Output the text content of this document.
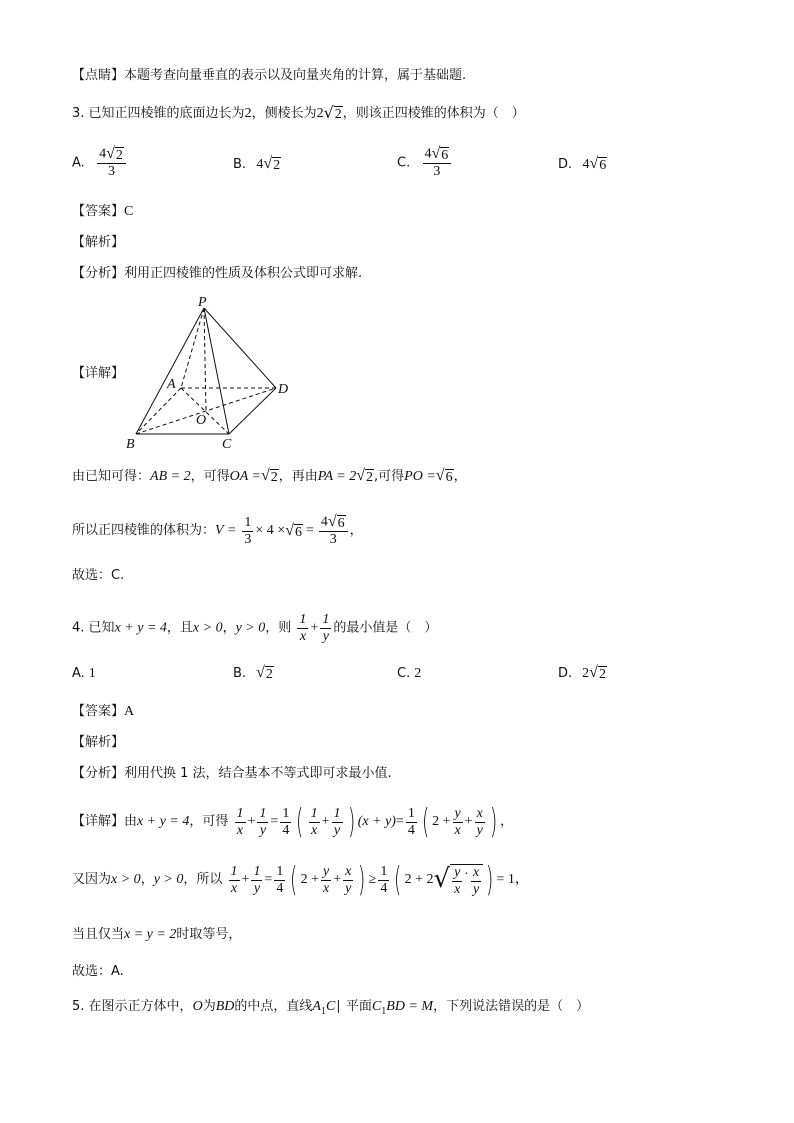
【点睛】本题考查向量垂直的表示以及向量夹角的计算，属于基础题.
3. 已知正四棱锥的底面边长为2，侧棱长为2 √ 2 ，则该正四棱锥的体积为（　）
A. $\frac{4 √ 2}{3}$	B. 4 √ 2	C. $\frac{4 √ 6}{3}$	D. 4 √ 6
【答案】C
【解析】
【分析】利用正四棱锥的性质及体积公式即可求解.
【详解】
P
A
B	C
D
O
由已知可得：AB = 2，可得OA = √ 2 ，再由PA = 2 √ 2 ,可得PO = √ 6 ，
所以正四棱锥的体积为：$V = \frac{1}{3} \times 4$ × √ $6 = \frac{4 √ 6}{3}$ ，
故选：C.
4. 已知x + y = 4，且x > 0，y > 0，则 $\frac{1}{x} + \frac{1}{y}$ 的最小值是（　）
A. 1	B. √ 2	C. 2	D. 2 √ 2
【答案】A
【解析】
【分析】利用代换 1 法，结合基本不等式即可求最小值.
【详解】由x + y = 4，可得 $\frac{1}{x} + \frac{1}{y} = \frac{1}{4}$ ( $\frac{1}{x} + \frac{1}{y}$ ) $(x + y)= \frac{1}{4}$ ( $2 + \frac{y}{x} + \frac{x}{y}$ ) ，
又因为x > 0，y > 0，所以 $\frac{1}{x} + \frac{1}{y} = \frac{1}{4}$ ( $2 + \frac{y}{x} + \frac{x}{y}$ ) ≥ $\frac{1}{4}$ ( 2 + 2 √ $\frac{y}{x} \cdot \frac{x}{y}$ ) = 1，
当且仅当x = y = 2时取等号，
故选：A.
5. 在图示正方体中，O为BD的中点，直线$A_1C∣$ 平面$C_1BD = M$，下列说法错误的是（　）
